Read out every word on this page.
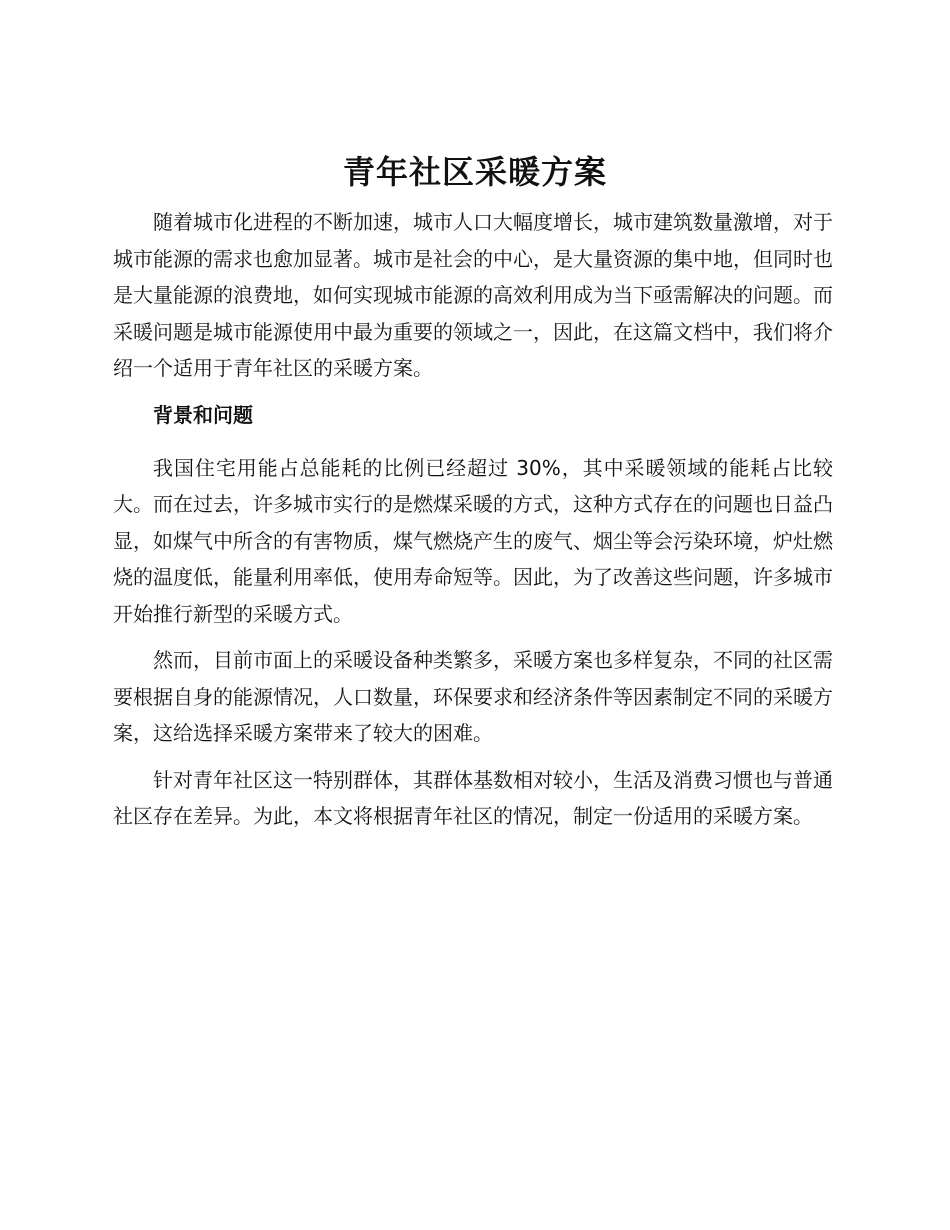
青年社区采暖方案

随着城市化进程的不断加速，城市人口大幅度增长，城市建筑数量激增，对于城市能源的需求也愈加显著。城市是社会的中心，是大量资源的集中地，但同时也是大量能源的浪费地，如何实现城市能源的高效利用成为当下亟需解决的问题。而采暖问题是城市能源使用中最为重要的领域之一，因此，在这篇文档中，我们将介绍一个适用于青年社区的采暖方案。

背景和问题

我国住宅用能占总能耗的比例已经超过 30%，其中采暖领域的能耗占比较大。而在过去，许多城市实行的是燃煤采暖的方式，这种方式存在的问题也日益凸显，如煤气中所含的有害物质，煤气燃烧产生的废气、烟尘等会污染环境，炉灶燃烧的温度低，能量利用率低，使用寿命短等。因此，为了改善这些问题，许多城市开始推行新型的采暖方式。

然而，目前市面上的采暖设备种类繁多，采暖方案也多样复杂，不同的社区需要根据自身的能源情况，人口数量，环保要求和经济条件等因素制定不同的采暖方案，这给选择采暖方案带来了较大的困难。

针对青年社区这一特别群体，其群体基数相对较小，生活及消费习惯也与普通社区存在差异。为此，本文将根据青年社区的情况，制定一份适用的采暖方案。
